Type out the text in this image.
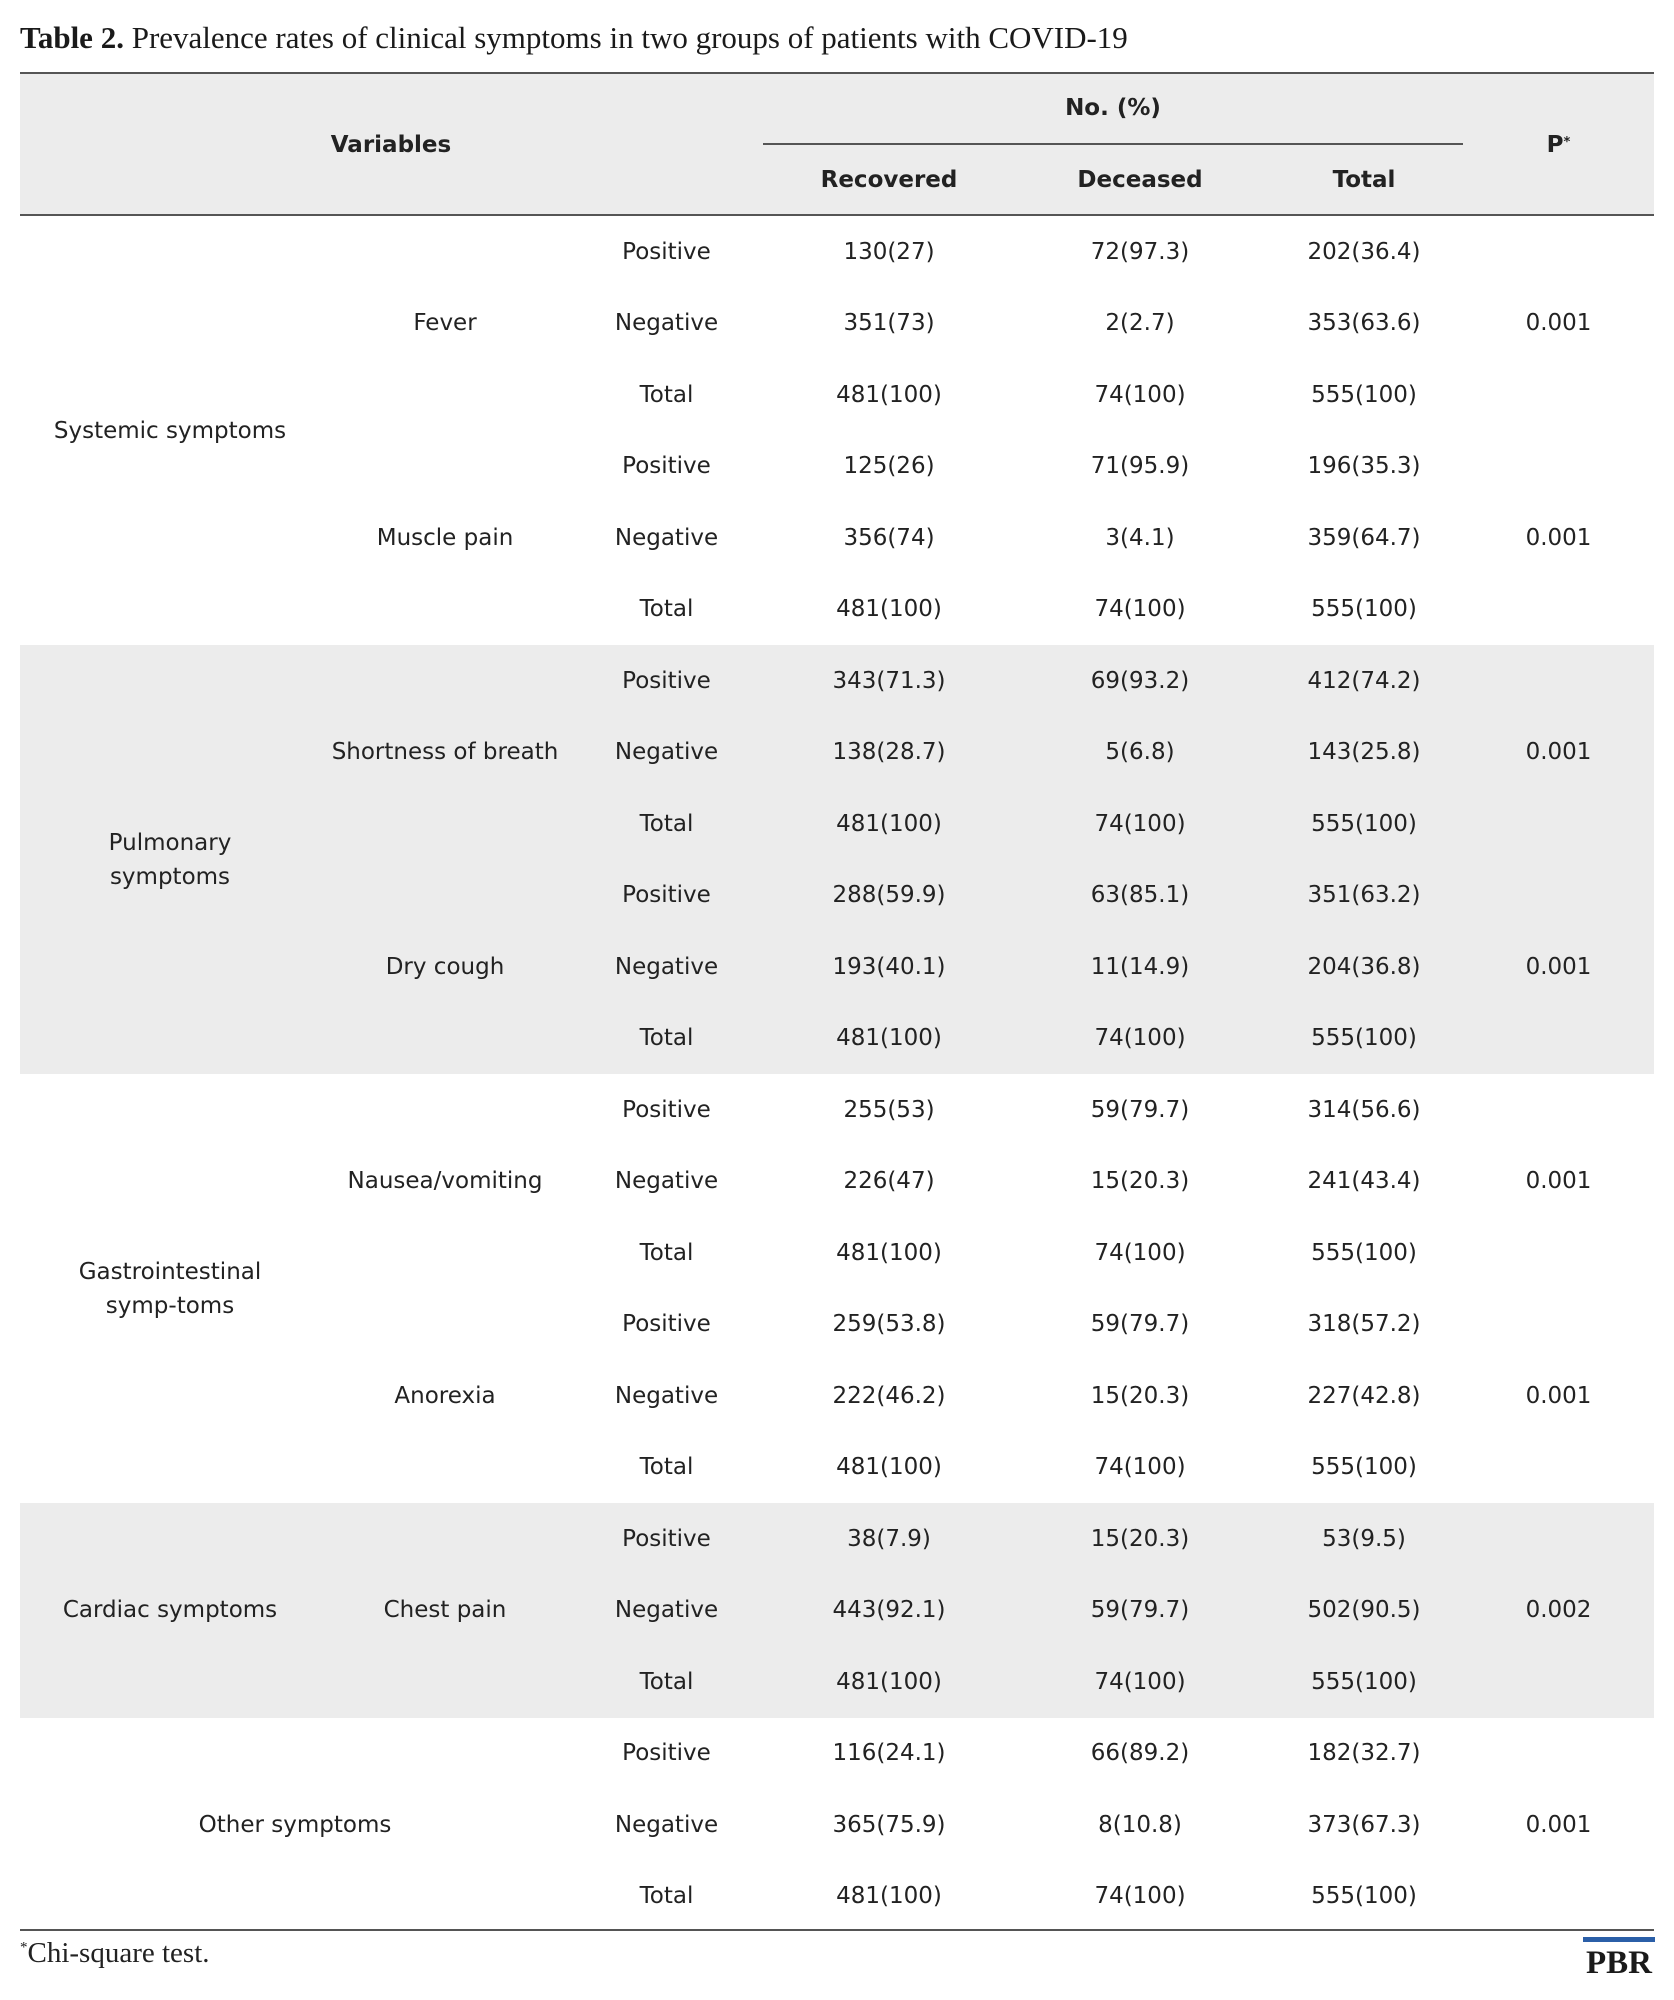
Table 2. Prevalence rates of clinical symptoms in two groups of patients with COVID-19
Variables
No. (%)
Recovered	Deceased	Total
P *
Systemic symptoms
Fever	0.001
Positive	130(27)	72(97.3)	202(36.4)
Negative	351(73)	2(2.7)	353(63.6)
Total	481(100)	74(100)	555(100)
Muscle pain	0.001
Positive	125(26)	71(95.9)	196(35.3)
Negative	356(74)	3(4.1)	359(64.7)
Total	481(100)	74(100)	555(100)
Pulmonary symptoms
Shortness of breath	0.001
Positive	343(71.3)	69(93.2)	412(74.2)
Negative	138(28.7)	5(6.8)	143(25.8)
Total	481(100)	74(100)	555(100)
Dry cough	0.001
Positive	288(59.9)	63(85.1)	351(63.2)
Negative	193(40.1)	11(14.9)	204(36.8)
Total	481(100)	74(100)	555(100)
Gastrointestinal symp-toms
Nausea/vomiting	0.001
Positive	255(53)	59(79.7)	314(56.6)
Negative	226(47)	15(20.3)	241(43.4)
Total	481(100)	74(100)	555(100)
Anorexia	0.001
Positive	259(53.8)	59(79.7)	318(57.2)
Negative	222(46.2)	15(20.3)	227(42.8)
Total	481(100)	74(100)	555(100)
Cardiac symptoms	Chest pain	0.002
Positive	38(7.9)	15(20.3)	53(9.5)
Negative	443(92.1)	59(79.7)	502(90.5)
Total	481(100)	74(100)	555(100)
Other symptoms	0.001
Positive	116(24.1)	66(89.2)	182(32.7)
Negative	365(75.9)	8(10.8)	373(67.3)
Total	481(100)	74(100)	555(100)
*Chi-square test.	PBR
